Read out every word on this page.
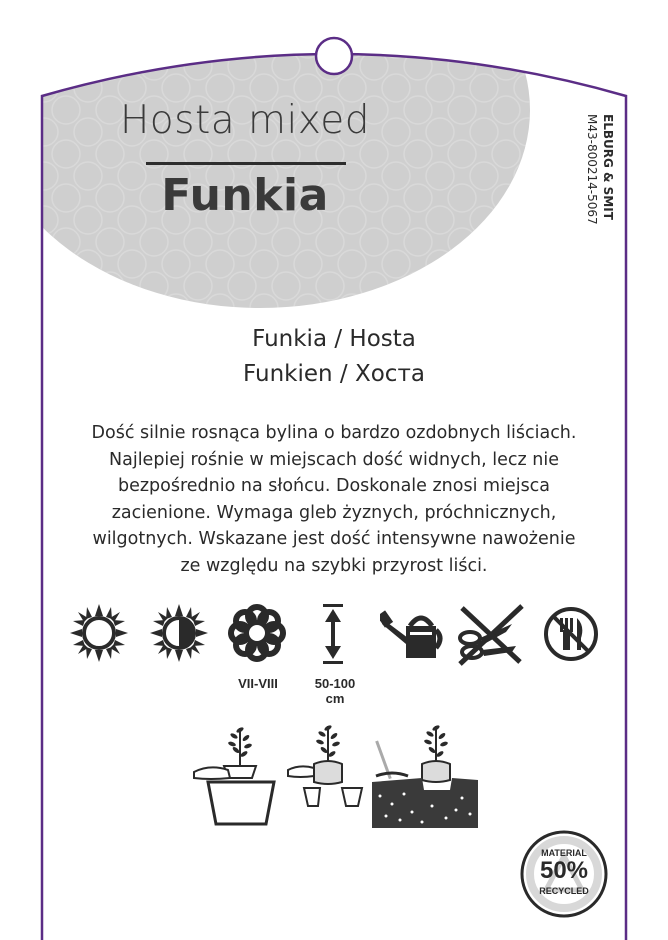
Hosta mixed
Funkia	ELBURG & SMIT
M43-800214-5067
Funkia / Hosta
Funkien / Хоста
Dość silnie rosnąca bylina o bardzo ozdobnych liściach.
Najlepiej rośnie w miejscach dość widnych, lecz nie
bezpośrednio na słońcu. Doskonale znosi miejsca
zacienione. Wymaga gleb żyznych, próchnicznych,
wilgotnych. Wskazane jest dość intensywne nawożenie
ze względu na szybki przyrost liści.
VII-VIII	50-100
cm
MATERIAL
50%
RECYCLED
